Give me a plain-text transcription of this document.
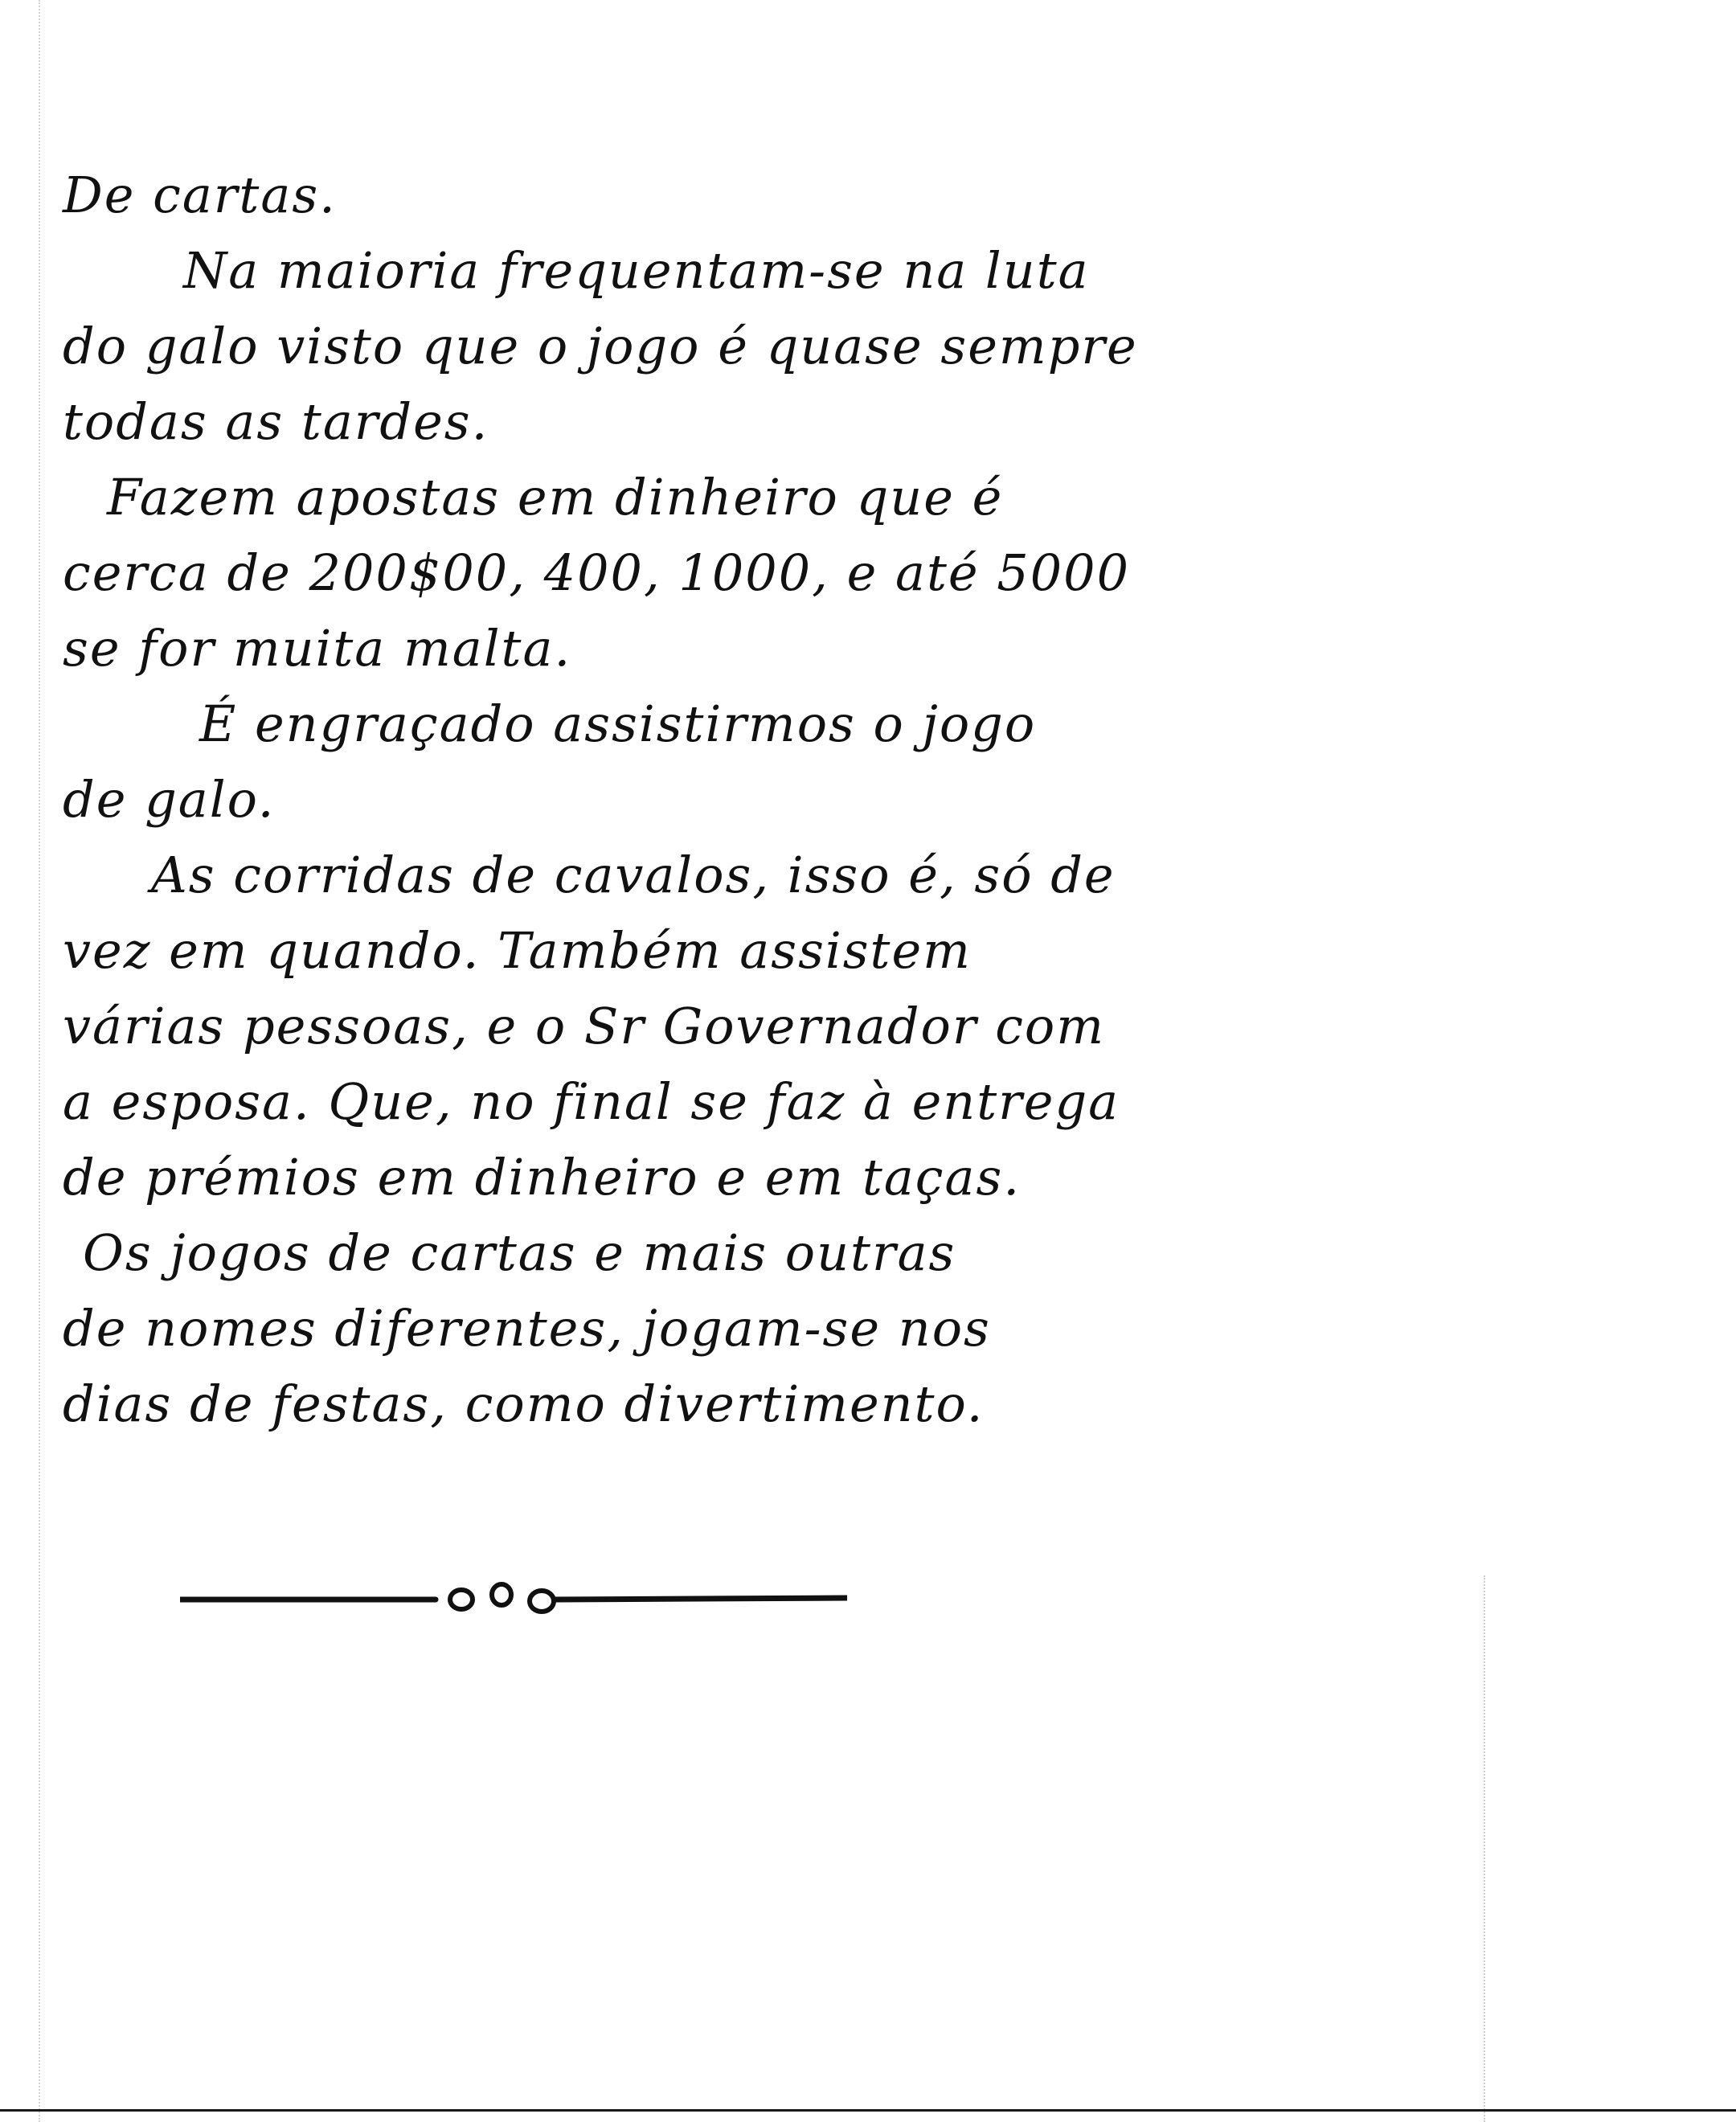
De cartas.
Na maioria frequentam-se na luta
do galo visto que o jogo é quase sempre
todas as tardes.
Fazem apostas em dinheiro que é
cerca de 200$00, 400, 1000, e até 5000
se for muita malta.
É engraçado assistirmos o jogo
de galo.
As corridas de cavalos, isso é, só de
vez em quando. Também assistem
várias pessoas, e o Sr Governador com
a esposa. Que, no final se faz à entrega
de prémios em dinheiro e em taças.
Os jogos de cartas e mais outras
de nomes diferentes, jogam-se nos
dias de festas, como divertimento.
